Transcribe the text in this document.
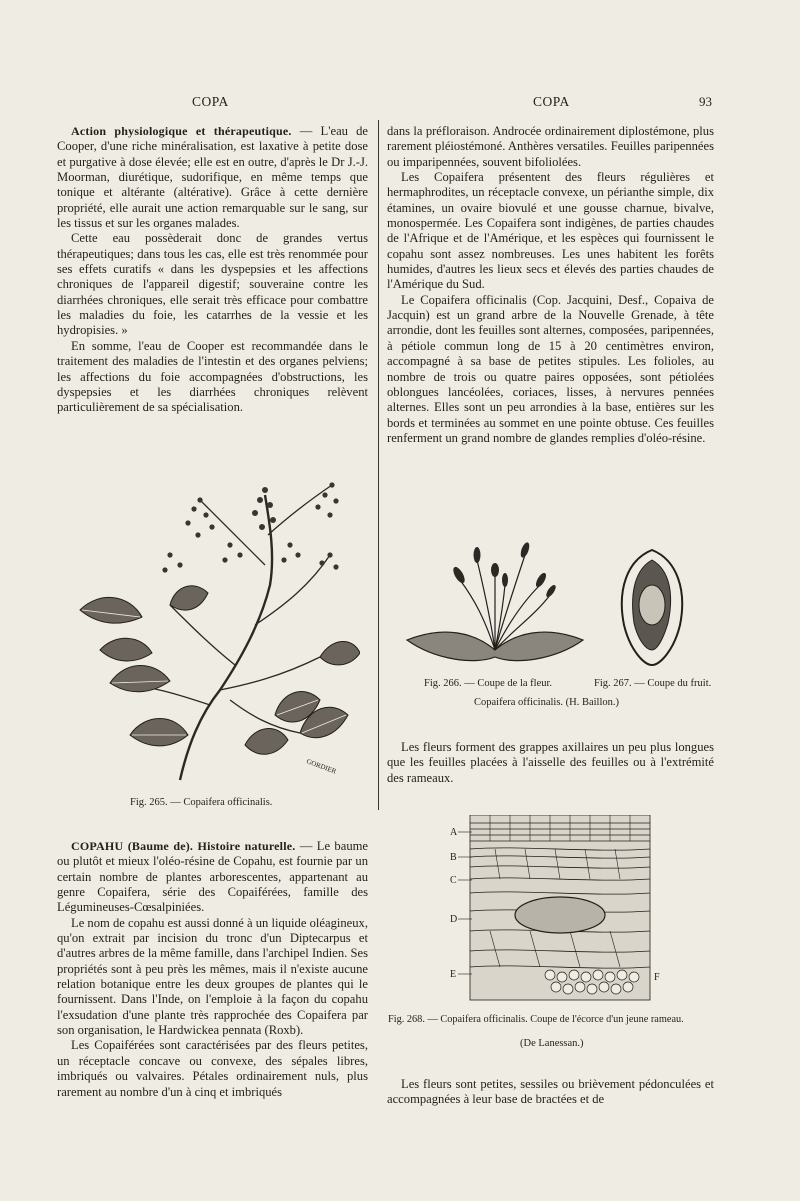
COPA	COPA	93

Action physiologique et thérapeutique. — L'eau de Cooper, d'une riche minéralisation, est laxative à petite dose et purgative à dose élevée; elle est en outre, d'après le Dr J.-J. Moorman, diurétique, sudorifique, en même temps que tonique et altérante (altérative). Grâce à cette dernière propriété, elle aurait une action remarquable sur le sang, sur les tissus et sur les organes malades.

Cette eau possèderait donc de grandes vertus thérapeutiques; dans tous les cas, elle est très renommée pour ses effets curatifs « dans les dyspepsies et les affections chroniques de l'appareil digestif; souveraine contre les diarrhées chroniques, elle serait très efficace pour combattre les maladies du foie, les catarrhes de la vessie et les hydropisies. »

En somme, l'eau de Cooper est recommandée dans le traitement des maladies de l'intestin et des organes pelviens; les affections du foie accompagnées d'obstructions, les dyspepsies et les diarrhées chroniques relèvent particulièrement de sa spécialisation.

GORDIER
Fig. 265. — Copaifera officinalis.

COPAHU (Baume de). Histoire naturelle. — Le baume ou plutôt et mieux l'oléo-résine de Copahu, est fournie par un certain nombre de plantes arborescentes, appartenant au genre Copaifera, série des Copaiférées, famille des Légumineuses-Cœsalpiniées.

Le nom de copahu est aussi donné à un liquide oléagineux, qu'on extrait par incision du tronc d'un Diptecarpus et d'autres arbres de la même famille, dans l'archipel Indien. Ses propriétés sont à peu près les mêmes, mais il n'existe aucune relation botanique entre les deux groupes de plantes qui le fournissent. Dans l'Inde, on l'emploie à la façon du copahu l'exsudation d'une plante très rapprochée des Copaifera par son organisation, le Hardwickea pennata (Roxb).

Les Copaiférées sont caractérisées par des fleurs petites, un réceptacle concave ou convexe, des sépales libres, imbriqués ou valvaires. Pétales ordinairement nuls, plus rarement au nombre d'un à cinq et imbriqués

dans la préfloraison. Androcée ordinairement diplostémone, plus rarement pléiostémoné. Anthères versatiles. Feuilles paripennées ou imparipennées, souvent bifoliolées.

Les Copaifera présentent des fleurs régulières et hermaphrodites, un réceptacle convexe, un périanthe simple, dix étamines, un ovaire biovulé et une gousse charnue, bivalve, monospermée. Les Copaifera sont indigènes, de parties chaudes de l'Afrique et de l'Amérique, et les espèces qui fournissent le copahu sont assez nombreuses. Les unes habitent les forêts humides, d'autres les lieux secs et élevés des parties chaudes de l'Amérique du Sud.

Le Copaifera officinalis (Cop. Jacquini, Desf., Copaiva de Jacquin) est un grand arbre de la Nouvelle Grenade, à tête arrondie, dont les feuilles sont alternes, composées, paripennées, à pétiole commun long de 15 à 20 centimètres environ, accompagné à sa base de petites stipules. Les folioles, au nombre de trois ou quatre paires opposées, sont pétiolées oblongues lancéolées, coriaces, lisses, à nervures pennées alternes. Elles sont un peu arrondies à la base, entières sur les bords et terminées au sommet en une pointe obtuse. Ces feuilles renferment un grand nombre de glandes remplies d'oléo-résine.

Fig. 266. — Coupe de la fleur.	Fig. 267. — Coupe du fruit.
Copaifera officinalis. (H. Baillon.)

Les fleurs forment des grappes axillaires un peu plus longues que les feuilles placées à l'aisselle des feuilles ou à l'extrémité des rameaux.

A
B
C
D
E	F
Fig. 268. — Copaifera officinalis. Coupe de l'écorce d'un jeune rameau.
(De Lanessan.)

Les fleurs sont petites, sessiles ou brièvement pédonculées et accompagnées à leur base de bractées et de
